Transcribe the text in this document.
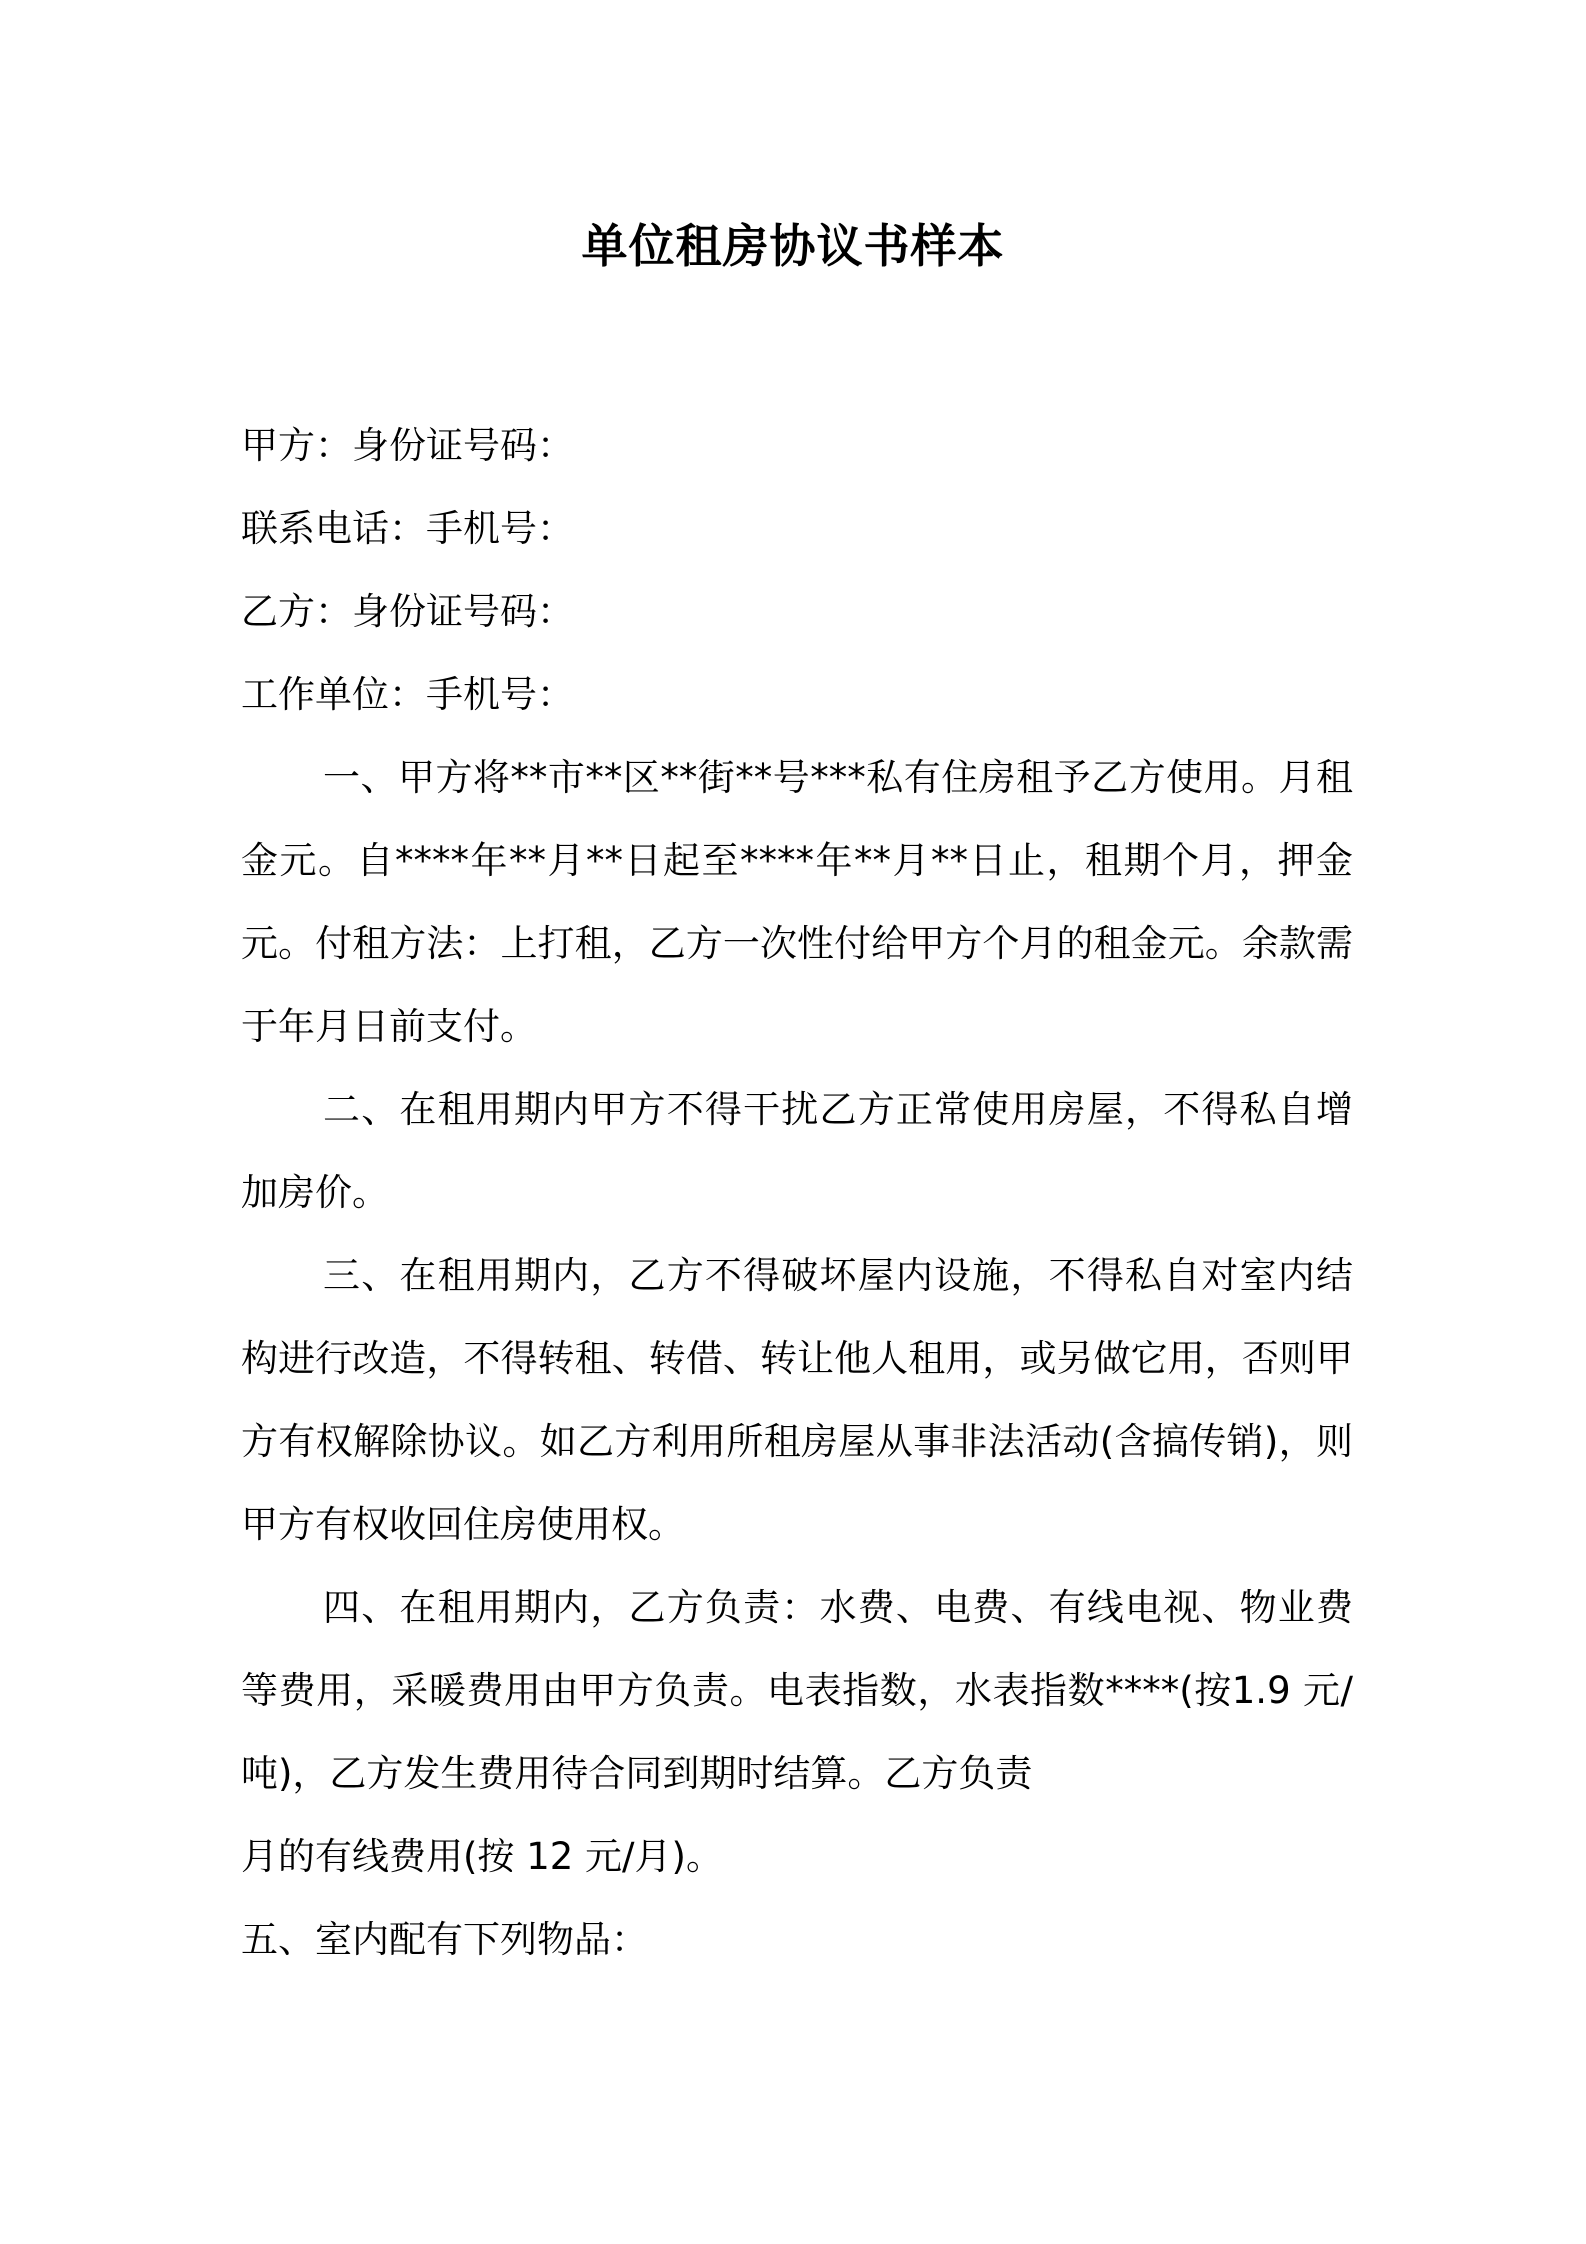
单位租房协议书样本

甲方：身份证号码：

联系电话：手机号：

乙方：身份证号码：

工作单位：手机号：

一、甲方将**市**区**街**号***私有住房租予乙方使用。月租金元。自****年**月**日起至****年**月**日止，租期个月，押金元。付租方法：上打租，乙方一次性付给甲方个月的租金元。余款需于年月日前支付。

二、在租用期内甲方不得干扰乙方正常使用房屋，不得私自增加房价。

三、在租用期内，乙方不得破坏屋内设施，不得私自对室内结构进行改造，不得转租、转借、转让他人租用，或另做它用，否则甲方有权解除协议。如乙方利用所租房屋从事非法活动(含搞传销)，则甲方有权收回住房使用权。

四、在租用期内，乙方负责：水费、电费、有线电视、物业费等费用，采暖费用由甲方负责。电表指数，水表指数****(按1.9 元/吨)，乙方发生费用待合同到期时结算。乙方负责

月的有线费用(按 12 元/月)。

五、室内配有下列物品：
